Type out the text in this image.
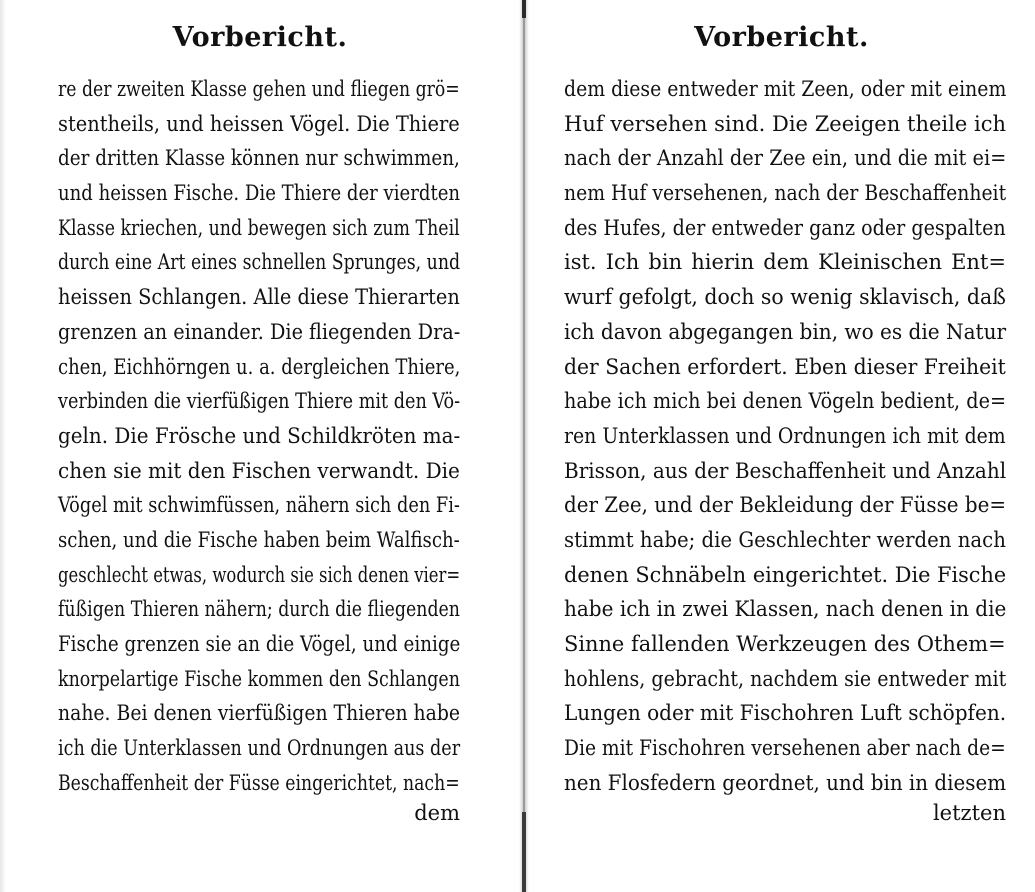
Vorbericht.
re der zweiten Klasse gehen und fliegen grö=
stentheils, und heissen Vögel. Die Thiere
der dritten Klasse können nur schwimmen,
und heissen Fische. Die Thiere der vierdten
Klasse kriechen, und bewegen sich zum Theil
durch eine Art eines schnellen Sprunges, und
heissen Schlangen. Alle diese Thierarten
grenzen an einander. Die fliegenden Dra-
chen, Eichhörngen u. a. dergleichen Thiere,
verbinden die vierfüßigen Thiere mit den Vö-
geln. Die Frösche und Schildkröten ma-
chen sie mit den Fischen verwandt. Die
Vögel mit schwimfüssen, nähern sich den Fi-
schen, und die Fische haben beim Walfisch-
geschlecht etwas, wodurch sie sich denen vier=
füßigen Thieren nähern; durch die fliegenden
Fische grenzen sie an die Vögel, und einige
knorpelartige Fische kommen den Schlangen
nahe. Bei denen vierfüßigen Thieren habe
ich die Unterklassen und Ordnungen aus der
Beschaffenheit der Füsse eingerichtet, nach=
dem
Vorbericht.
dem diese entweder mit Zeen, oder mit einem
Huf versehen sind. Die Zeeigen theile ich
nach der Anzahl der Zee ein, und die mit ei=
nem Huf versehenen, nach der Beschaffenheit
des Hufes, der entweder ganz oder gespalten
ist. Ich bin hierin dem Kleinischen Ent=
wurf gefolgt, doch so wenig sklavisch, daß
ich davon abgegangen bin, wo es die Natur
der Sachen erfordert. Eben dieser Freiheit
habe ich mich bei denen Vögeln bedient, de=
ren Unterklassen und Ordnungen ich mit dem
Brisson, aus der Beschaffenheit und Anzahl
der Zee, und der Bekleidung der Füsse be=
stimmt habe; die Geschlechter werden nach
denen Schnäbeln eingerichtet. Die Fische
habe ich in zwei Klassen, nach denen in die
Sinne fallenden Werkzeugen des Othem=
hohlens, gebracht, nachdem sie entweder mit
Lungen oder mit Fischohren Luft schöpfen.
Die mit Fischohren versehenen aber nach de=
nen Flosfedern geordnet, und bin in diesem
letzten
